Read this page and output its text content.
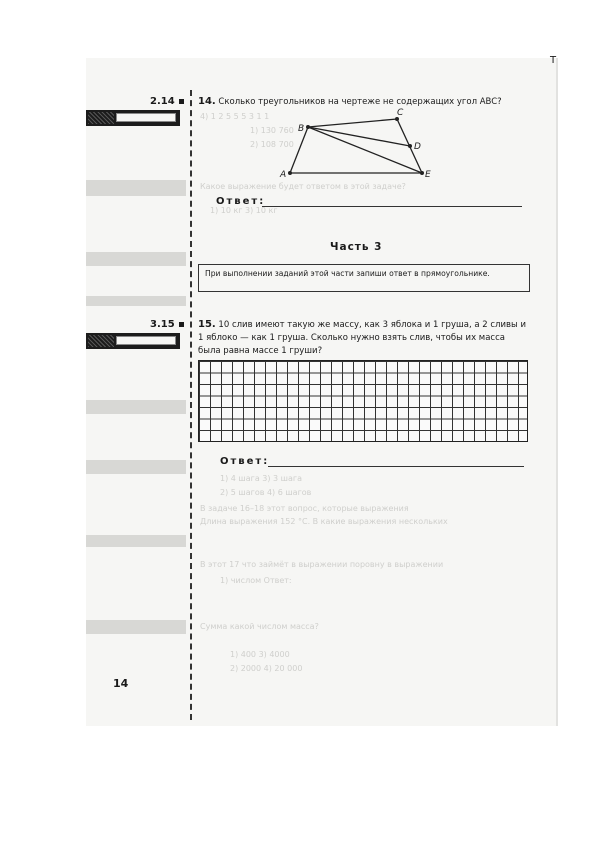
4) 1 2 5 5 5 3 1 1
1) 130 760
2) 108 700
Какое выражение будет ответом в этой задаче?
1) 10 кг 3) 10 кг
1) 4 шага 3) 3 шага
2) 5 шагов 4) 6 шагов
В задаче 16–18 этот вопрос, которые выражения
Длина выражения 152 °С. В какие выражения нескольких
В этот 17 что займёт в выражении поровну в выражении
1) числом Ответ:
Сумма какой числом масса?
1) 400 3) 4000
2) 2000 4) 20 000
Т
2.14	14. Сколько треугольников на чертеже не содержащих угол ABC?
A
B
C
D
E
Ответ:
Часть 3
При выполнении заданий этой части запиши ответ в прямоугольнике.
3.15	15. 10 слив имеют такую же массу, как 3 яблока и 1 груша, а 2 сливы и 1 яблоко — как 1 груша. Сколько нужно взять слив, чтобы их масса была равна массе 1 груши?
Ответ:
14
